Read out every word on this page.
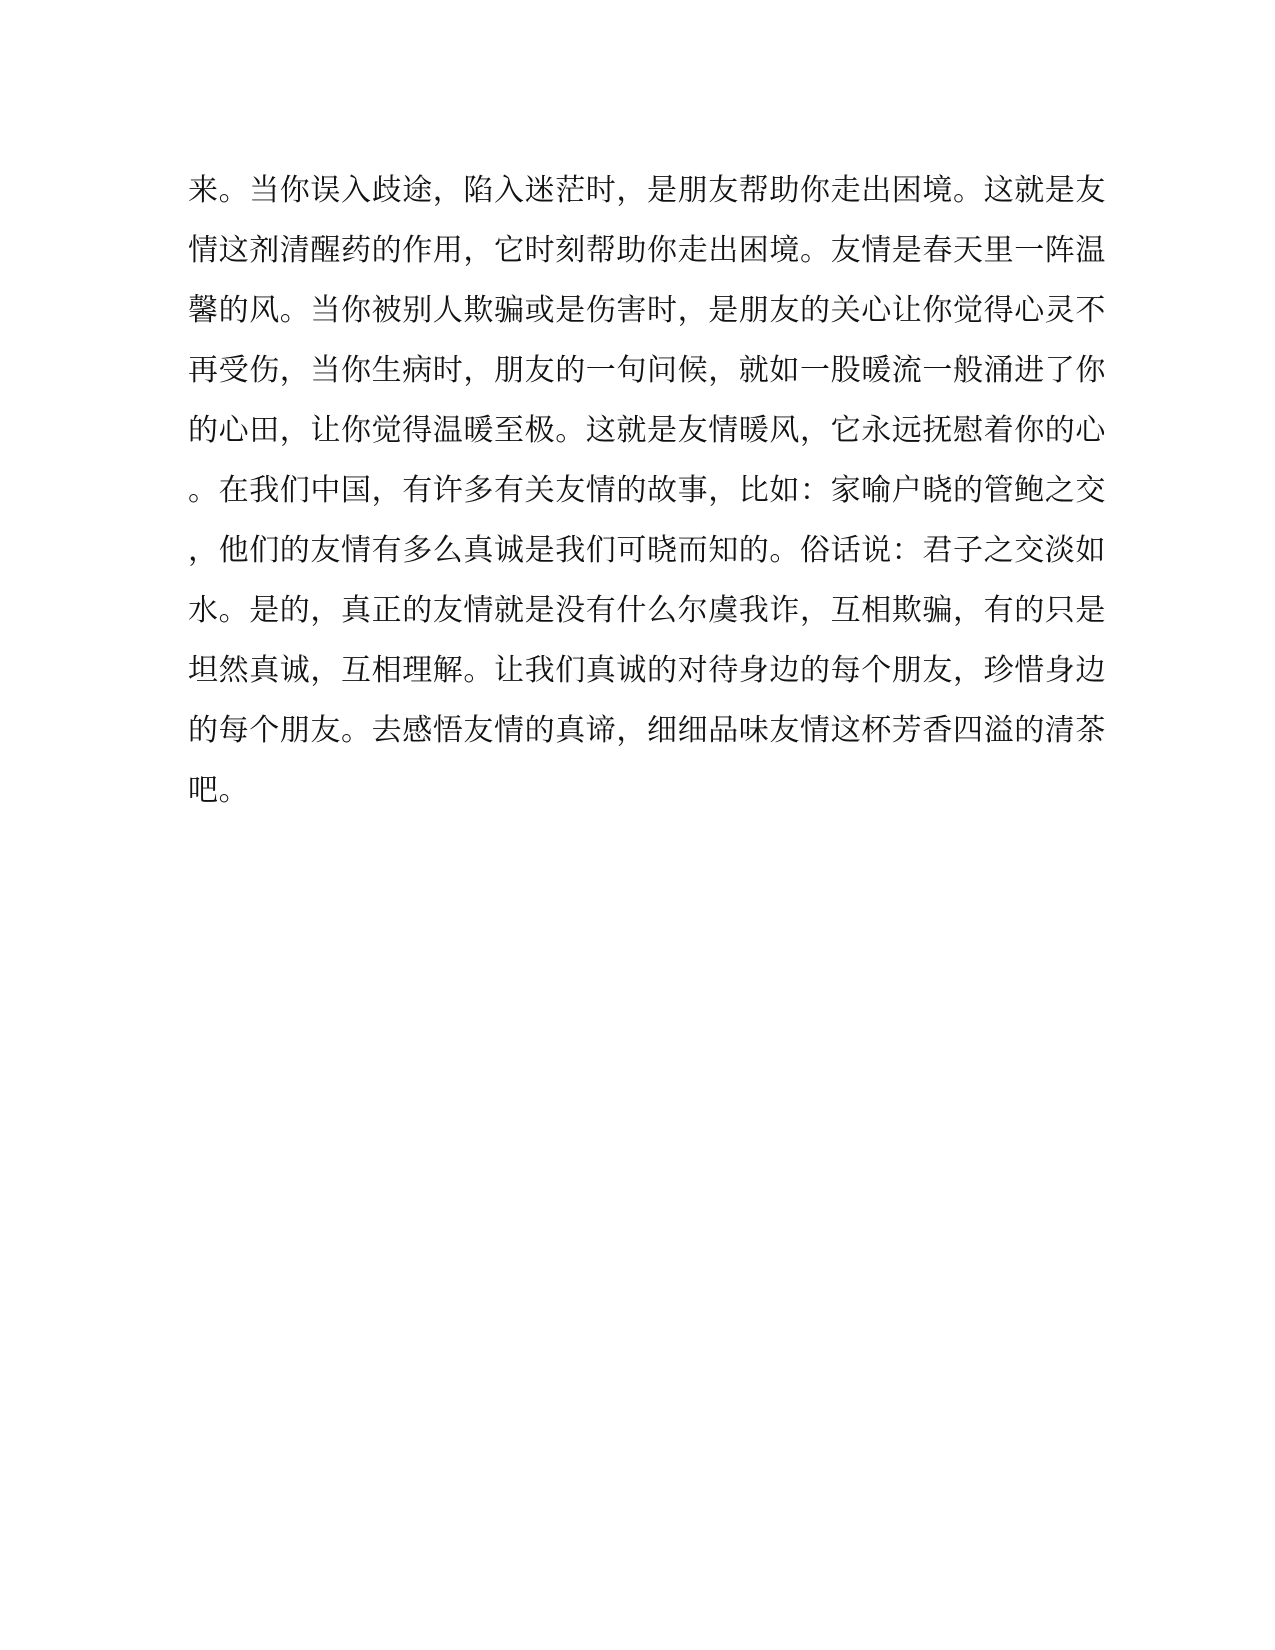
来。当你误入歧途，陷入迷茫时，是朋友帮助你走出困境。这就是友
情这剂清醒药的作用，它时刻帮助你走出困境。友情是春天里一阵温
馨的风。当你被别人欺骗或是伤害时，是朋友的关心让你觉得心灵不
再受伤，当你生病时，朋友的一句问候，就如一股暖流一般涌进了你
的心田，让你觉得温暖至极。这就是友情暖风，它永远抚慰着你的心
。在我们中国，有许多有关友情的故事，比如：家喻户晓的管鲍之交
，他们的友情有多么真诚是我们可晓而知的。俗话说：君子之交淡如
水。是的，真正的友情就是没有什么尔虞我诈，互相欺骗，有的只是
坦然真诚，互相理解。让我们真诚的对待身边的每个朋友，珍惜身边
的每个朋友。去感悟友情的真谛，细细品味友情这杯芳香四溢的清茶
吧。
